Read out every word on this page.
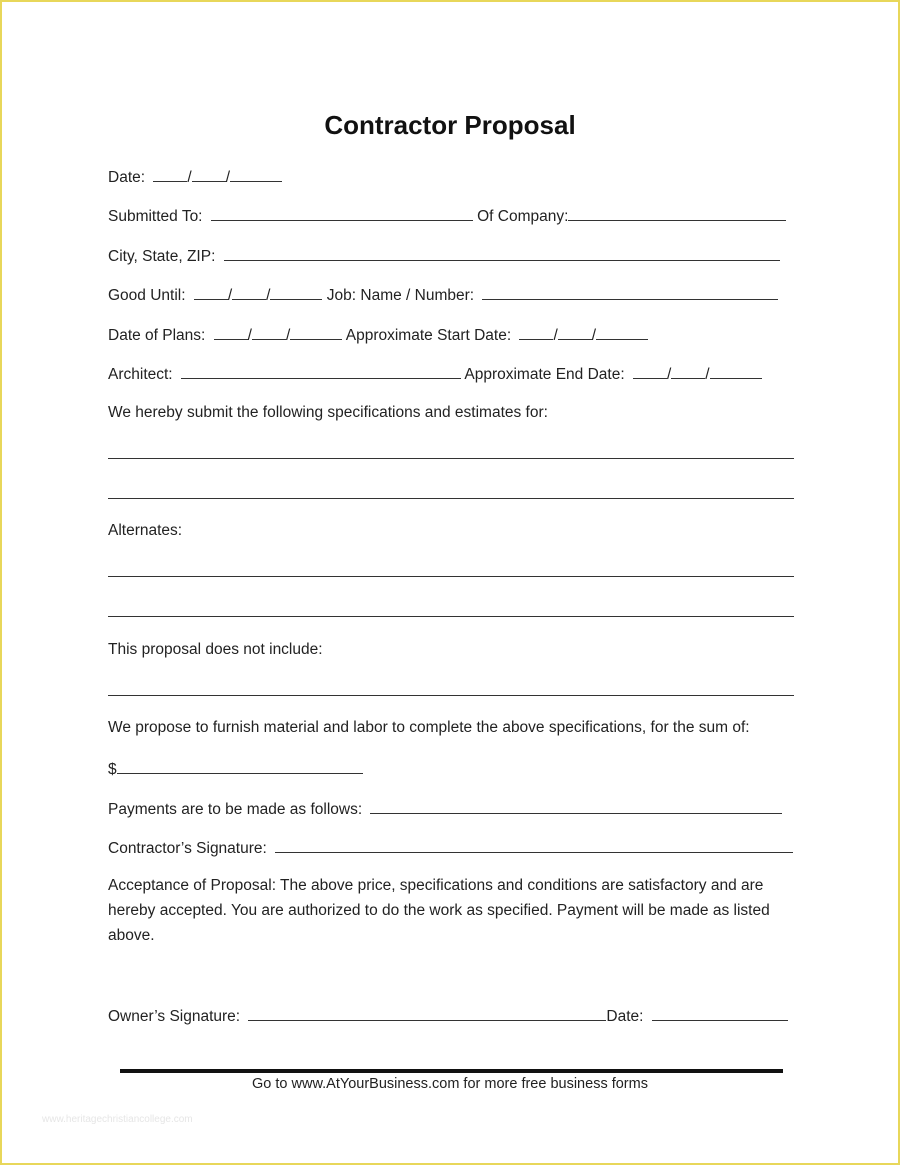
Contractor Proposal
Date:	/ /
Submitted To:	Of Company:
City, State, ZIP:
Good Until:	/ /	Job: Name / Number:
Date of Plans:	/ /	Approximate Start Date:	/ /
Architect:	Approximate End Date:	/ /
We hereby submit the following specifications and estimates for:
Alternates:
This proposal does not include:
We propose to furnish material and labor to complete the above specifications, for the sum of:
$
Payments are to be made as follows:
Contractor’s Signature:
Acceptance of Proposal: The above price, specifications and conditions are satisfactory and are hereby accepted. You are authorized to do the work as specified. Payment will be made as listed above.
Owner’s Signature:	Date:
Go to www.AtYourBusiness.com for more free business forms
www.heritagechristiancollege.com
